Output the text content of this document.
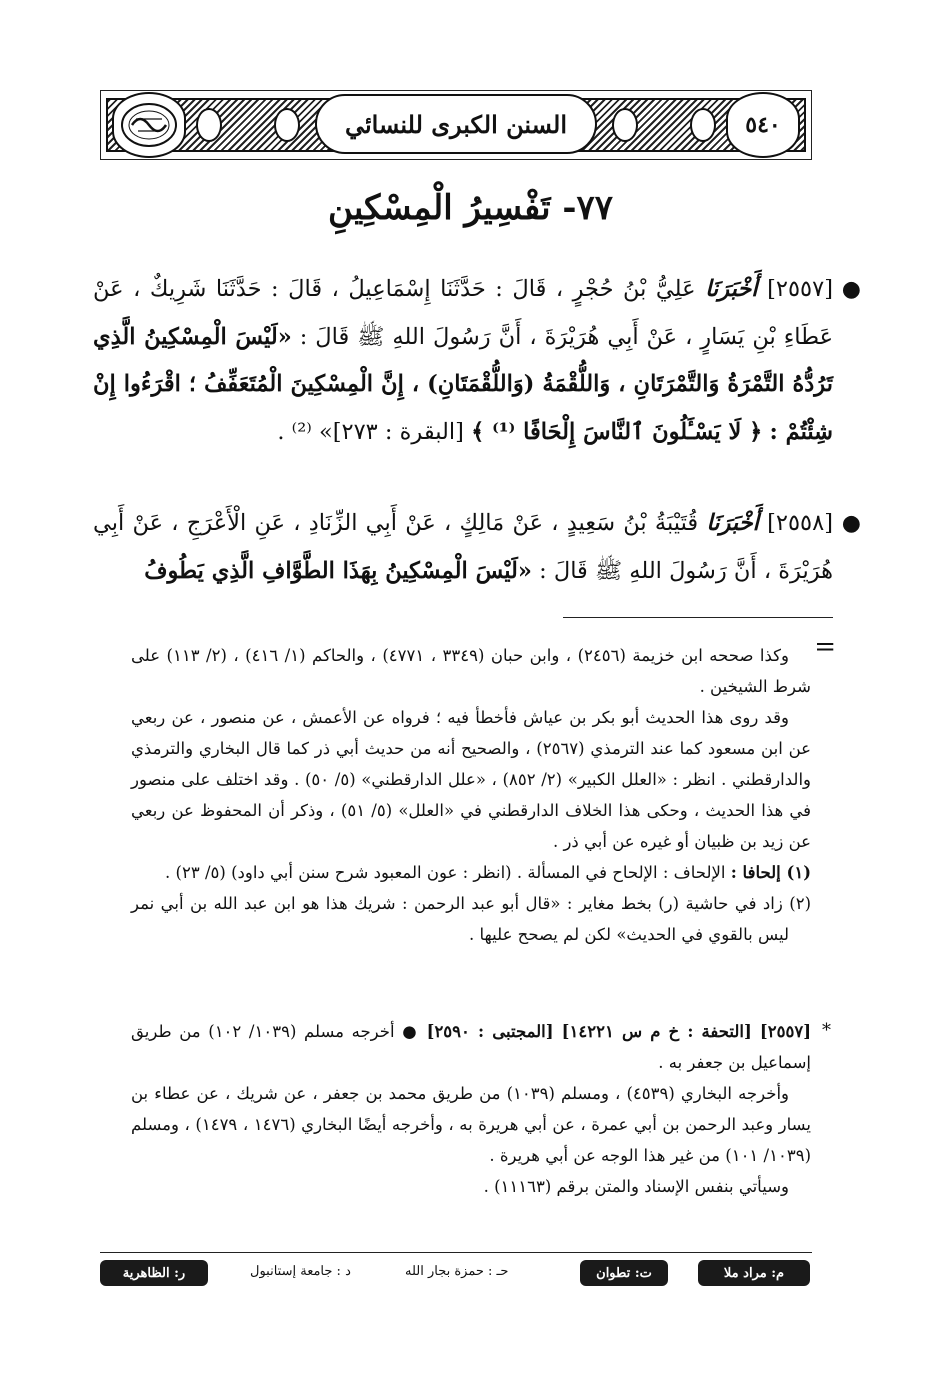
السنن الكبرى للنسائي	٥٤٠
٧٧- تَفْسِيرُ الْمِسْكِينِ
●
[٢٥٥٧] أَخْبَرَنَا عَلِيُّ بْنُ حُجْرٍ ، قَالَ : حَدَّثَنَا إِسْمَاعِيلُ ، قَالَ : حَدَّثَنَا شَرِيكٌ ، عَنْ عَطَاءِ بْنِ يَسَارٍ ، عَنْ أَبِي هُرَيْرَةَ ، أَنَّ رَسُولَ اللهِ ﷺ قَالَ : «لَيْسَ الْمِسْكِينُ الَّذِي تَرُدُّهُ التَّمْرَةُ وَالتَّمْرَتَانِ ، وَاللُّقْمَةُ (وَاللُّقْمَتَانِ) ، إِنَّ الْمِسْكِينَ الْمُتَعَفِّفُ ؛ اقْرَءُوا إِنْ شِئْتُمْ : ﴿ لَا يَسْـَٔلُونَ ٱلنَّاسَ إِلْحَافًا ⁽¹⁾ ﴾ [البقرة : ٢٧٣]» ⁽²⁾ .
●
[٢٥٥٨] أَخْبَرَنَا قُتَيْبَةُ بْنُ سَعِيدٍ ، عَنْ مَالِكٍ ، عَنْ أَبِي الزِّنَادِ ، عَنِ الْأَعْرَجِ ، عَنْ أَبِي هُرَيْرَةَ ، أَنَّ رَسُولَ اللهِ ﷺ قَالَ : «لَيْسَ الْمِسْكِينُ بِهَذَا الطَّوَّافِ الَّذِي يَطُوفُ
=

وكذا صححه ابن خزيمة (٢٤٥٦) ، وابن حبان (٣٣٤٩ ، ٤٧٧١) ، والحاكم (١/ ٤١٦) ، (٢/ ١١٣) على شرط الشيخين .

وقد روى هذا الحديث أبو بكر بن عياش فأخطأ فيه ؛ فرواه عن الأعمش ، عن منصور ، عن ربعي عن ابن مسعود كما عند الترمذي (٢٥٦٧) ، والصحيح أنه من حديث أبي ذر كما قال البخاري والترمذي والدارقطني . انظر : «العلل الكبير» (٢/ ٨٥٢) ، «علل الدارقطني» (٥/ ٥٠) . وقد اختلف على منصور في هذا الحديث ، وحكى هذا الخلاف الدارقطني في «العلل» (٥/ ٥١) ، وذكر أن المحفوظ عن ربعي عن زيد بن ظبيان أو غيره عن أبي ذر .

(١) إلحافا : الإلحاف : الإلحاح في المسألة . (انظر : عون المعبود شرح سنن أبي داود) (٥/ ٢٣) .

(٢) زاد في حاشية (ر) بخط مغاير : «قال أبو عبد الرحمن : شريك هذا هو ابن عبد الله بن أبي نمر ليس بالقوي في الحديث» لكن لم يصحح عليها .

*

[٢٥٥٧] [التحفة : خ م س ١٤٢٢١] [المجتبى : ٢٥٩٠] ● أخرجه مسلم (١٠٣٩/ ١٠٢) من طريق إسماعيل بن جعفر به .

وأخرجه البخاري (٤٥٣٩) ، ومسلم (١٠٣٩) من طريق محمد بن جعفر ، عن شريك ، عن عطاء بن يسار وعبد الرحمن بن أبي عمرة ، عن أبي هريرة به ، وأخرجه أيضًا البخاري (١٤٧٦ ، ١٤٧٩) ، ومسلم (١٠٣٩/ ١٠١) من غير هذا الوجه عن أبي هريرة .

وسيأتي بنفس الإسناد والمتن برقم (١١١٦٣) .

ر: الظاهرية	د : جامعة إستانبول	حـ : حمزة بجار الله	ت: تطوان	م: مراد ملا
